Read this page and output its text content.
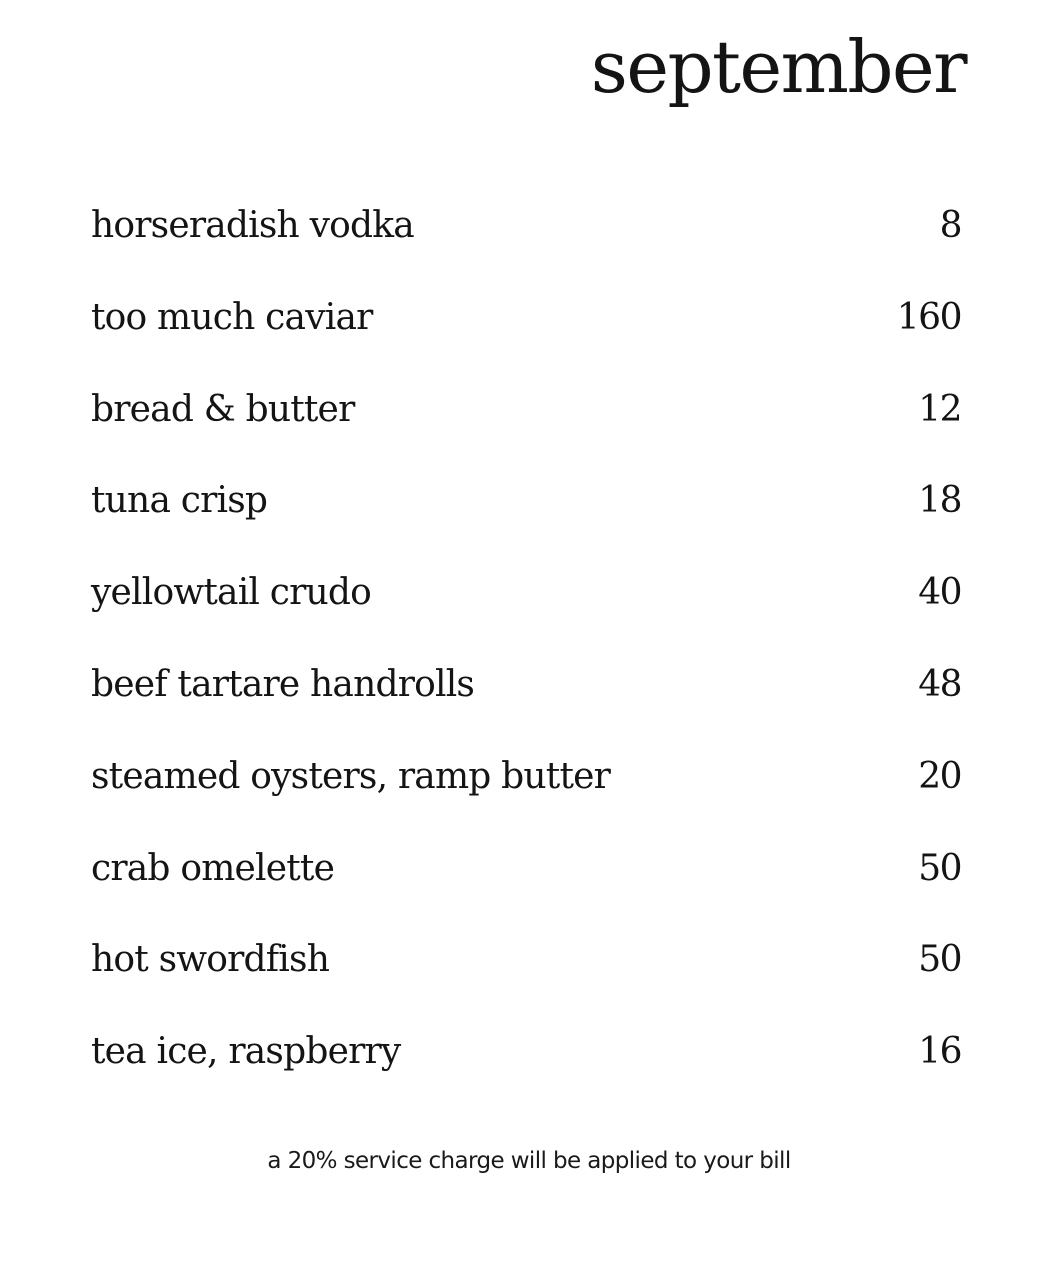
september
horseradish vodka	8
too much caviar	160
bread & butter	12
tuna crisp	18
yellowtail crudo	40
beef tartare handrolls	48
steamed oysters, ramp butter	20
crab omelette	50
hot swordfish	50
tea ice, raspberry	16
a 20% service charge will be applied to your bill
